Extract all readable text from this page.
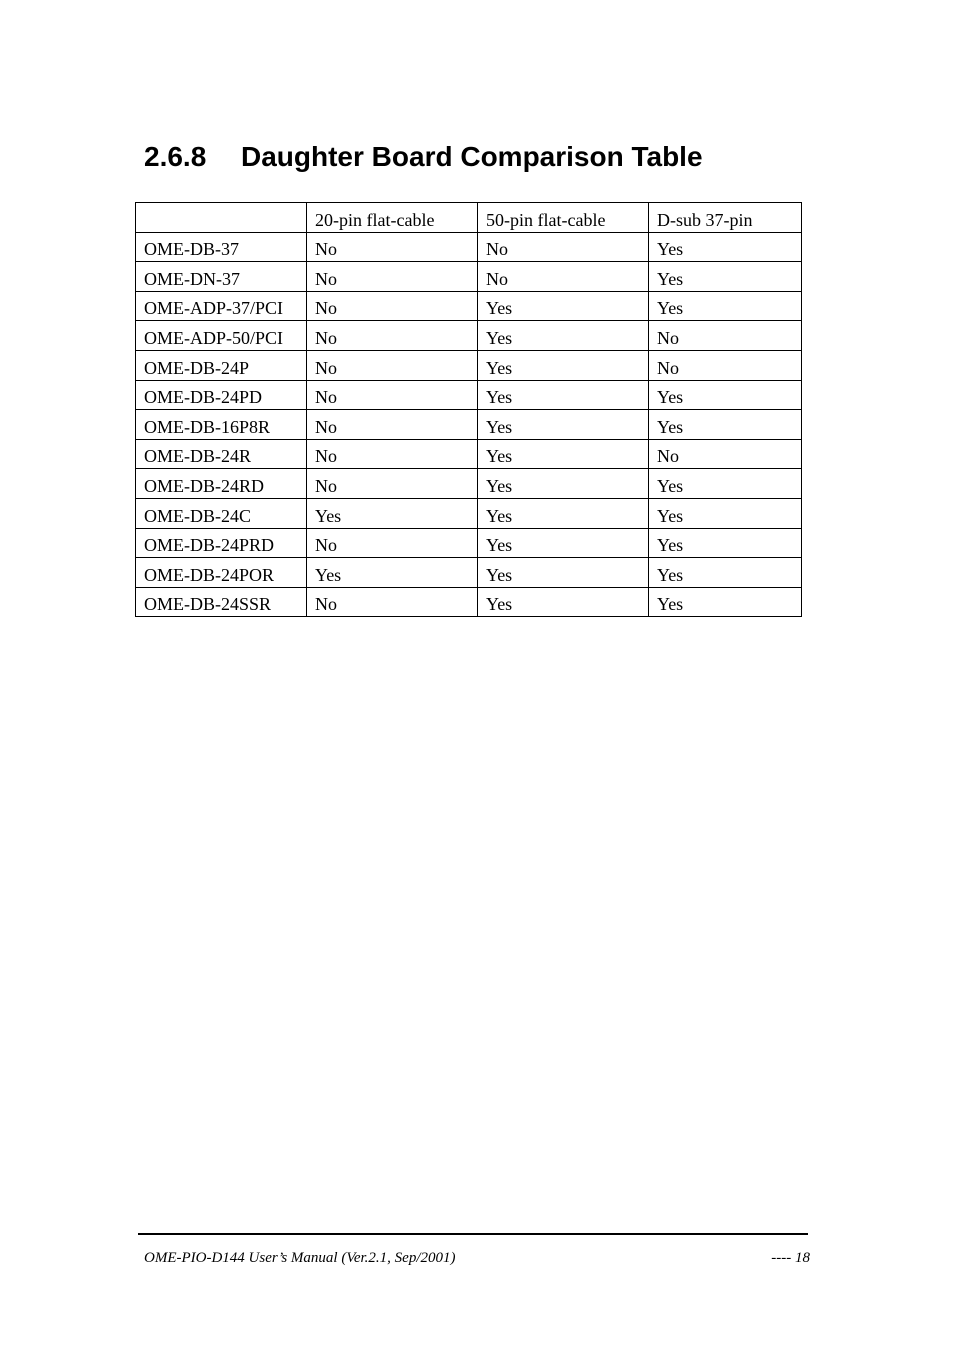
2.6.8 Daughter Board Comparison Table
	20-pin flat-cable	50-pin flat-cable	D-sub 37-pin
OME-DB-37	No	No	Yes
OME-DN-37	No	No	Yes
OME-ADP-37/PCI	No	Yes	Yes
OME-ADP-50/PCI	No	Yes	No
OME-DB-24P	No	Yes	No
OME-DB-24PD	No	Yes	Yes
OME-DB-16P8R	No	Yes	Yes
OME-DB-24R	No	Yes	No
OME-DB-24RD	No	Yes	Yes
OME-DB-24C	Yes	Yes	Yes
OME-DB-24PRD	No	Yes	Yes
OME-DB-24POR	Yes	Yes	Yes
OME-DB-24SSR	No	Yes	Yes
OME-PIO-D144 User’s Manual (Ver.2.1, Sep/2001)	---- 18
